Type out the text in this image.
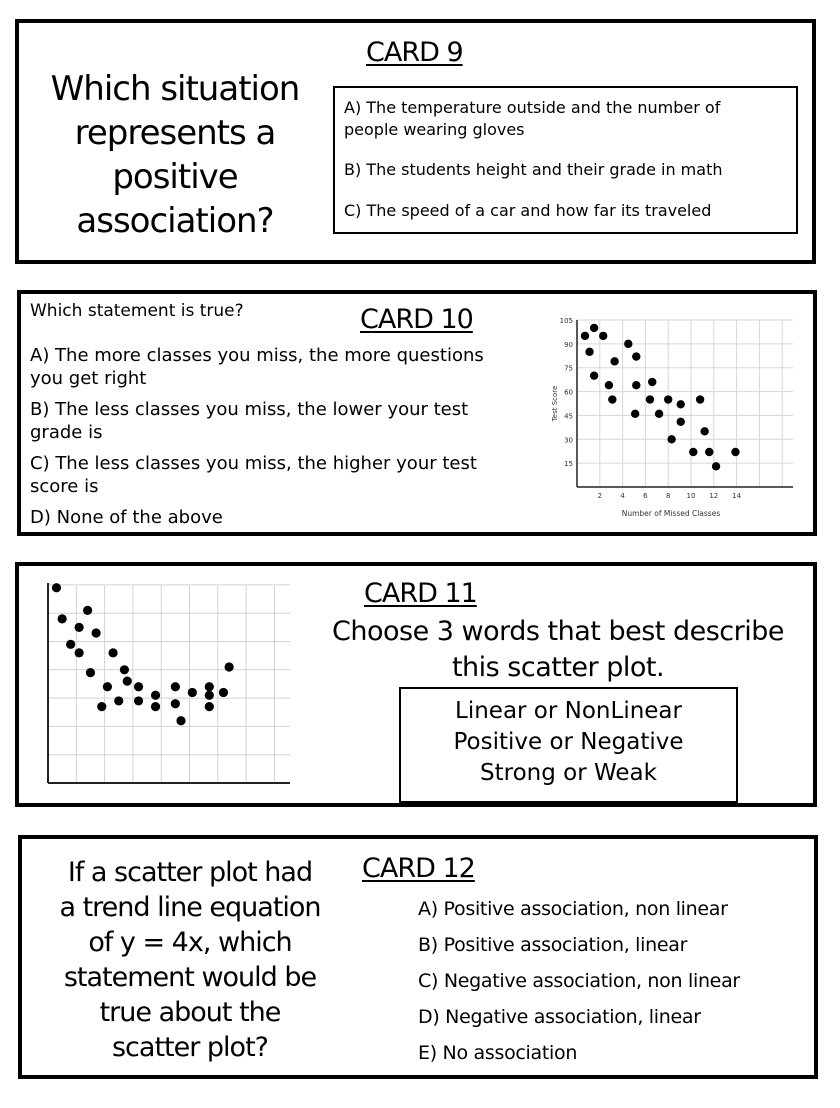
CARD 9
Which situation
represents a
positive
association?
A) The temperature outside and the number of
people wearing gloves
B) The students height and their grade in math
C) The speed of a car and how far its traveled
Which statement is true?	CARD 10
A) The more classes you miss, the more questions
you get right
B) The less classes you miss, the lower your test
grade is
C) The less classes you miss, the higher your test
score is
D) None of the above
15
30
45
60
75
90
105
2	4	6	8 10 12 14
Number of Missed Classes
Test Score
CARD 11
Choose 3 words that best describe
this scatter plot.
Linear or NonLinear
Positive or Negative
Strong or Weak
If a scatter plot had
a trend line equation
of y = 4x, which
statement would be
true about the
scatter plot?
CARD 12
A) Positive association, non linear
B) Positive association, linear
C) Negative association, non linear
D) Negative association, linear
E) No association
